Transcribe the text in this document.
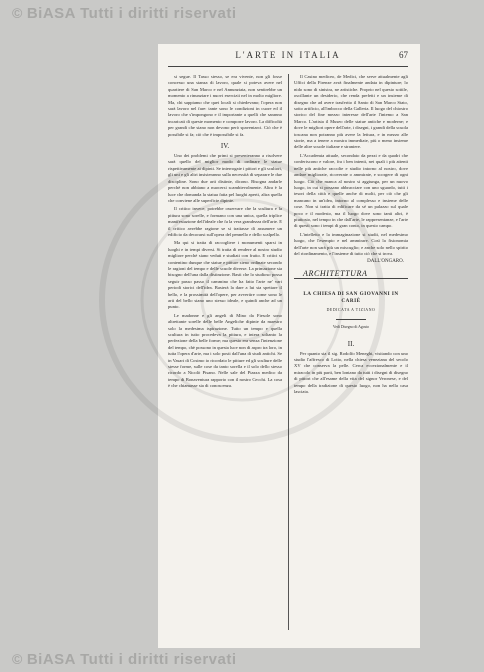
© BiASA Tutti i diritti riservati
L'ARTE IN ITALIA	67

si segue. Il Tasso stesso, se era vivente, non gli fosse concesso una stanza di lavoro, quale si poteva avere nel quartiere di San Marco e nel Annunziata, non sentirebbe un momento a rinunziare i nuovi esercizii nel in molto migliore. Ma, chi sappiamo che quei locali si chiedevano; l'opera non sarà lavoro nel fare: tante sono le condizioni in cuore ed il lavoro che s'impongono e il importante a quelli che saranno incaricati di queste momento e comporre lavoro. La difficoltà per grandi che siano non devono però spaventarci. Ciò che è possibile si fa; ciò che è impossibile si fa.

IV.

Uno dei problemi che primi si presenteranno a risolvere sarà quello del miglior modo di ordinare le statue rispettivamente ai dipinti. Se interrogate i pittori e gli scultori, gli uni e gli altri insisteranno sulla necessità di separare le due discipline. Sono due arti distinte, dicono. Bisogna andarle perchè non abbiano a nuocersi scambievolmente. Altra è la luce che domanda la statua fatta pel luoghi aperti, altra quella che conviene alle superficie dipinte.

Il critico invece, potrebbe osservare che la scultura e la pittura sono sorelle, e formano con una unica, quella triplice manifestazione dell'ideale che fa la vera grandezza dell'arte. E il critico avrebbe ragione se si trattasse di assumere un edificio da decorarsi sull'opera del pennello e dello scalpello.

Ma qui si tratta di raccogliere i monumenti sparsi in luoghi e in tempi diversi. Si tratta di rendere al nostro studio migliore perchè siano veduti e studiati con frutto. E critici si contentino dunque che statue e pitture sieno ordinate secondo le ragioni del tempo e delle scuole diverse. La primazione sia bisogno dell'una dalla distinzione. Basti che lo studioso possa seguir passo passo il cammino che ha fatto l'arte ne' vari periodi storici dell'idea. Basterà la dare a lui sia spettare il bello, e la prossimità dell'opere, per avvertire come sono le arti del bello siano uno stesso ideale, e quindi anche ad un punto.

Le madonne e gli angeli di Mino da Fiesole sono altrettante sorelle delle belle Angeliche dipinte da maestro solo la medesima ispirazione. Tutto un tempo e quella scultura in tutto procedeva la pittura, e intera soltanto la perfezione della belle forme; ma questo era senza l'intenzione del tempo, chè possono in questa luce non di aspro tra loro, in tutta l'opera d'arte, ma i solo posti dall'una di studi antichi. Se in Vasari di Cosimo io ricordato le pitture ed gli sculture delle stesse forme, sulle cose da tanto sorella e il solo dello stesso ricordo a Nicolò Pisano. Nelle sale del Piazza medico da tempo di Bonaventura rapporto con il nostro Cecchi. La cosa è che chiamasse sia di conoscenza.

Il Casino mediceo, de Medici, che serve attualmente agli Uffici della Firenze avrà finalmente andata in dipinture; lo nido sono di sinistra, ne artistiche. Proprio nel questo sottile, oscillante un desiderio, che renda prefetti e un insieme di disegno che ad avere trasferito il Santo di San Marco Stato, sotto artificio, all'imbocco della Galleria. Il luogo del chiostro storico del fine mezzo interesse dell'arte l'intemo a San Marco. L'artista il Museo delle statue antiche e moderne; e dove le migliori opere dell'arte, i disegni, i grandi della scuola toscana non potranno più avere la lettura, e in mezzo alle storie, ma a tenere a mostra immediate, più o meno insieme delle altre scuole italiane e straniere.

L'Accademia attuale, secondato da pezzi e da quadri che conferiscono e valore, fra i ben intenti, nei quali i più attenti nelle più antiche raccolte e studio intorno al nostro, dove andare migliorate, ricoverate o ammirate, e scorgere di ogni luogo. Ciò che manca al nostro si aggiunga, per un nuovo luogo, in cui si possano abbracciare con uno sguardo, tutti i tesori della città e quelle anche di molti, per ciò che gli mancano in un'idea, intorno al complesso e insieme delle cose. Non si tratta di edificare da sé un palazzo sul quale poco e il modesto, ma il luogo dove sono tanti altri, è piuttosto, nel tempo in che dall'arte, le rappresentanze, e l'arte di questi sono i tempi di gran conto, in questo campo.

L'intelletto e la immaginazione si studii, nel medesimo luogo, che l'esempio e nel ammirare. Così la fisionomia dell'arte non sarà più un miscuglio; e anche solo nello spirito del riordinamento, e l'insieme di tutto ciò che si trova.

DALL'ONGARO.
ARCHITETTURA
LA CHIESA DI SAN GIOVANNI IN CARIÈ
DEDICATA A TIZIANO
Vedi Disegno di Agosto
II.

Per quanto sia il sig. Rodolfo Meneghi, visitando con uno studio l'affresco di Lotto, nella chiesa veneziana del secolo XV che conserva la pelle. Cerca eccezionalmente e il miracolo in più parti, ben lontano da tutti i disegni di disegno di pittori che all'esame della vita del signor Veronese, e del tempo della tradizione di questo luogo, non ha nella casa lasciata.

© BiASA Tutti i diritti riservati
